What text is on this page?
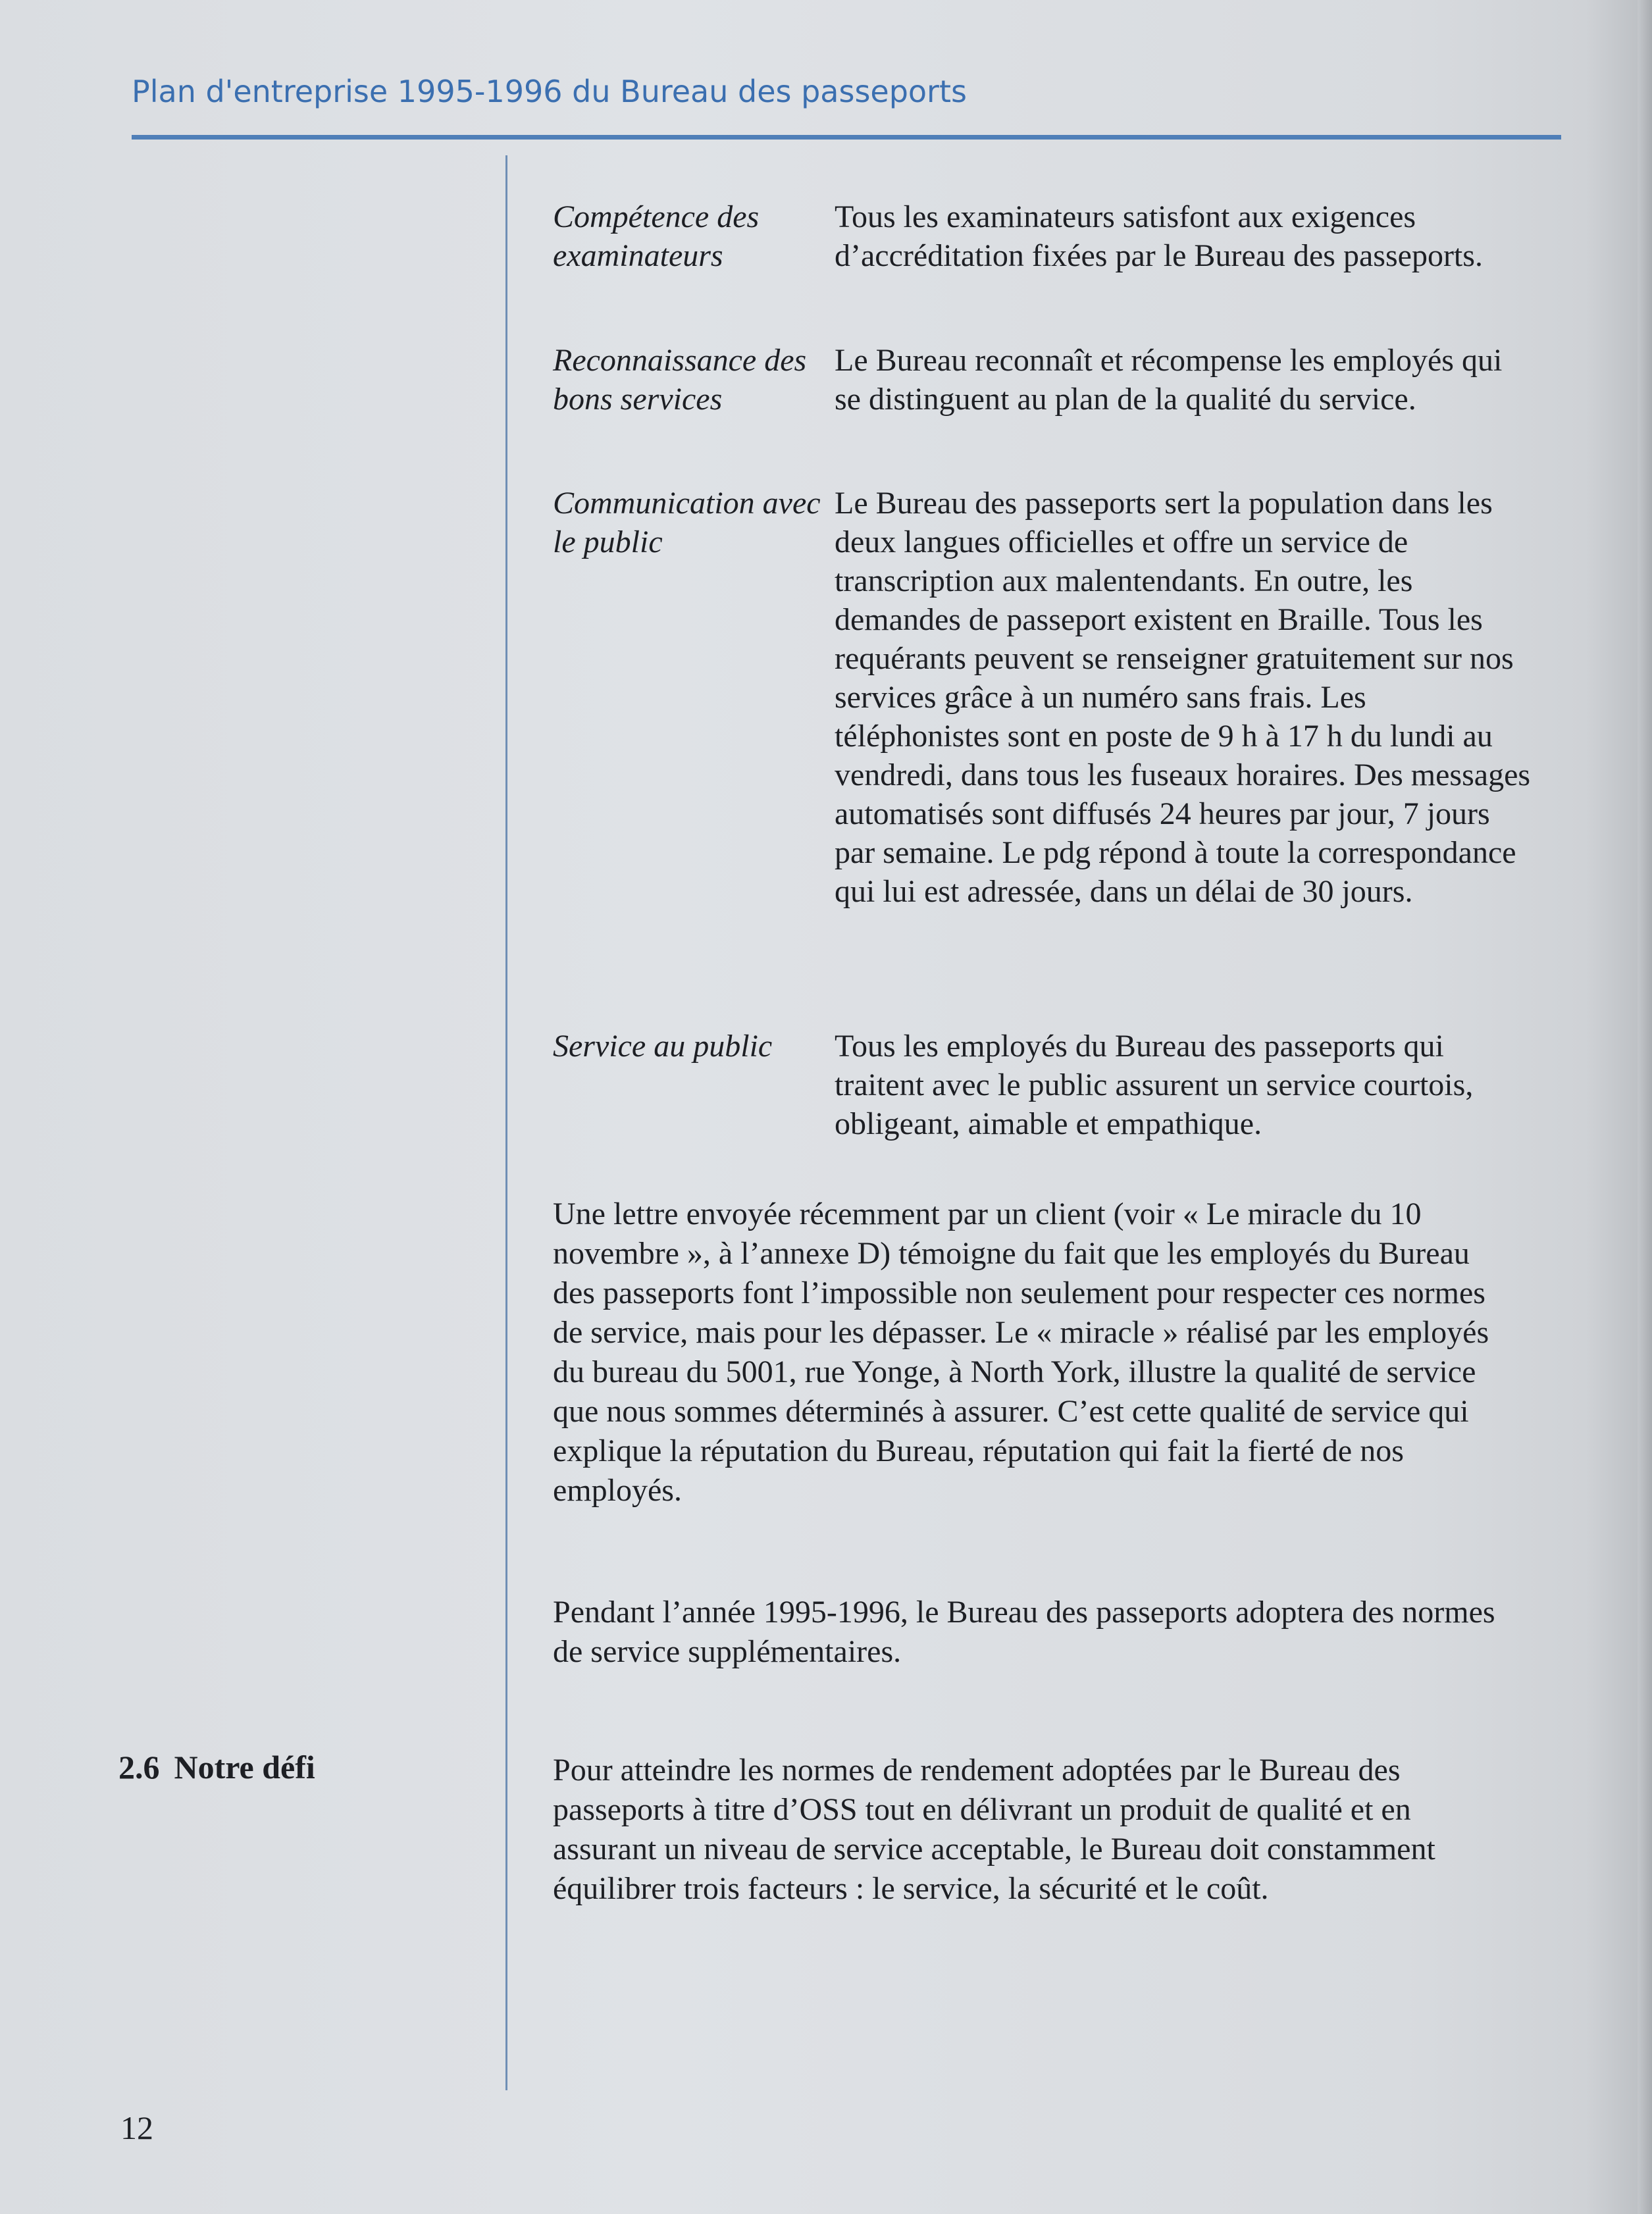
Plan d'entreprise 1995-1996 du Bureau des passeports
Compétence des examinateurs
Tous les examinateurs satisfont aux exigences d’accréditation fixées par le Bureau des passeports.
Reconnaissance des bons services
Le Bureau reconnaît et récompense les employés qui se distinguent au plan de la qualité du service.
Communication avec le public
Le Bureau des passeports sert la population dans les deux langues officielles et offre un service de transcription aux malentendants. En outre, les demandes de passeport existent en Braille. Tous les requérants peuvent se renseigner gratuitement sur nos services grâce à un numéro sans frais. Les téléphonistes sont en poste de 9 h à 17 h du lundi au vendredi, dans tous les fuseaux horaires. Des messages automatisés sont diffusés 24 heures par jour, 7 jours par semaine. Le pdg répond à toute la correspondance qui lui est adressée, dans un délai de 30 jours.
Service au public	Tous les employés du Bureau des passeports qui traitent avec le public assurent un service courtois, obligeant, aimable et empathique.

Une lettre envoyée récemment par un client (voir « Le miracle du 10 novembre », à l’annexe D) témoigne du fait que les employés du Bureau des passeports font l’impossible non seulement pour respecter ces normes de service, mais pour les dépasser. Le « miracle » réalisé par les employés du bureau du 5001, rue Yonge, à North York, illustre la qualité de service que nous sommes déterminés à assurer. C’est cette qualité de service qui explique la réputation du Bureau, réputation qui fait la fierté de nos employés.

Pendant l’année 1995-1996, le Bureau des passeports adoptera des normes de service supplémentaires.

2.6 Notre défi	Pour atteindre les normes de rendement adoptées par le Bureau des passeports à titre d’OSS tout en délivrant un produit de qualité et en assurant un niveau de service acceptable, le Bureau doit constamment équilibrer trois facteurs : le service, la sécurité et le coût.

12
